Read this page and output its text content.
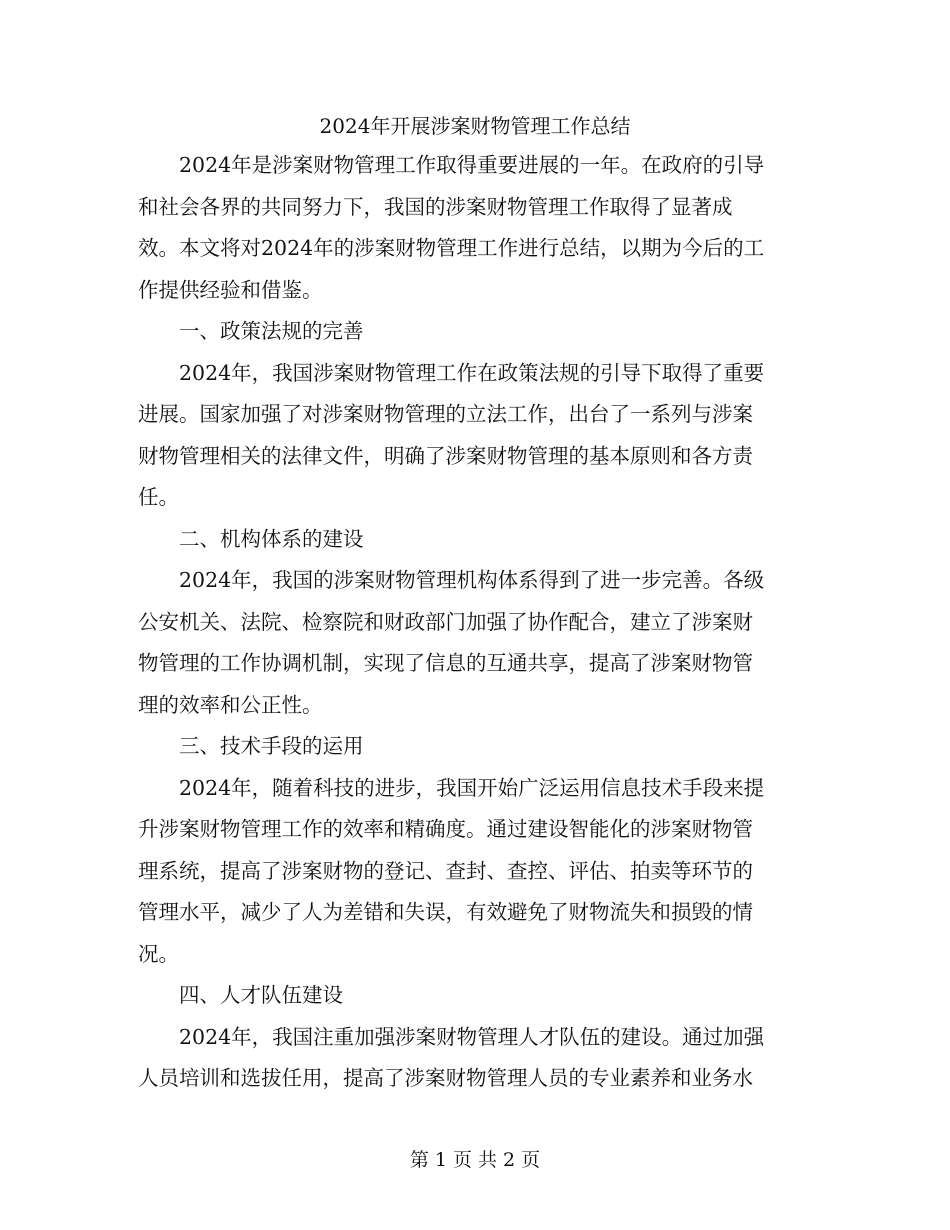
2024年开展涉案财物管理工作总结

2024年是涉案财物管理工作取得重要进展的一年。在政府的引导
和社会各界的共同努力下，我国的涉案财物管理工作取得了显著成
效。本文将对2024年的涉案财物管理工作进行总结，以期为今后的工
作提供经验和借鉴。

一、政策法规的完善

2024年，我国涉案财物管理工作在政策法规的引导下取得了重要
进展。国家加强了对涉案财物管理的立法工作，出台了一系列与涉案
财物管理相关的法律文件，明确了涉案财物管理的基本原则和各方责
任。

二、机构体系的建设

2024年，我国的涉案财物管理机构体系得到了进一步完善。各级
公安机关、法院、检察院和财政部门加强了协作配合，建立了涉案财
物管理的工作协调机制，实现了信息的互通共享，提高了涉案财物管
理的效率和公正性。

三、技术手段的运用

2024年，随着科技的进步，我国开始广泛运用信息技术手段来提
升涉案财物管理工作的效率和精确度。通过建设智能化的涉案财物管
理系统，提高了涉案财物的登记、查封、查控、评估、拍卖等环节的
管理水平，减少了人为差错和失误，有效避免了财物流失和损毁的情
况。

四、人才队伍建设

2024年，我国注重加强涉案财物管理人才队伍的建设。通过加强
人员培训和选拔任用，提高了涉案财物管理人员的专业素养和业务水

第 1 页 共 2 页
